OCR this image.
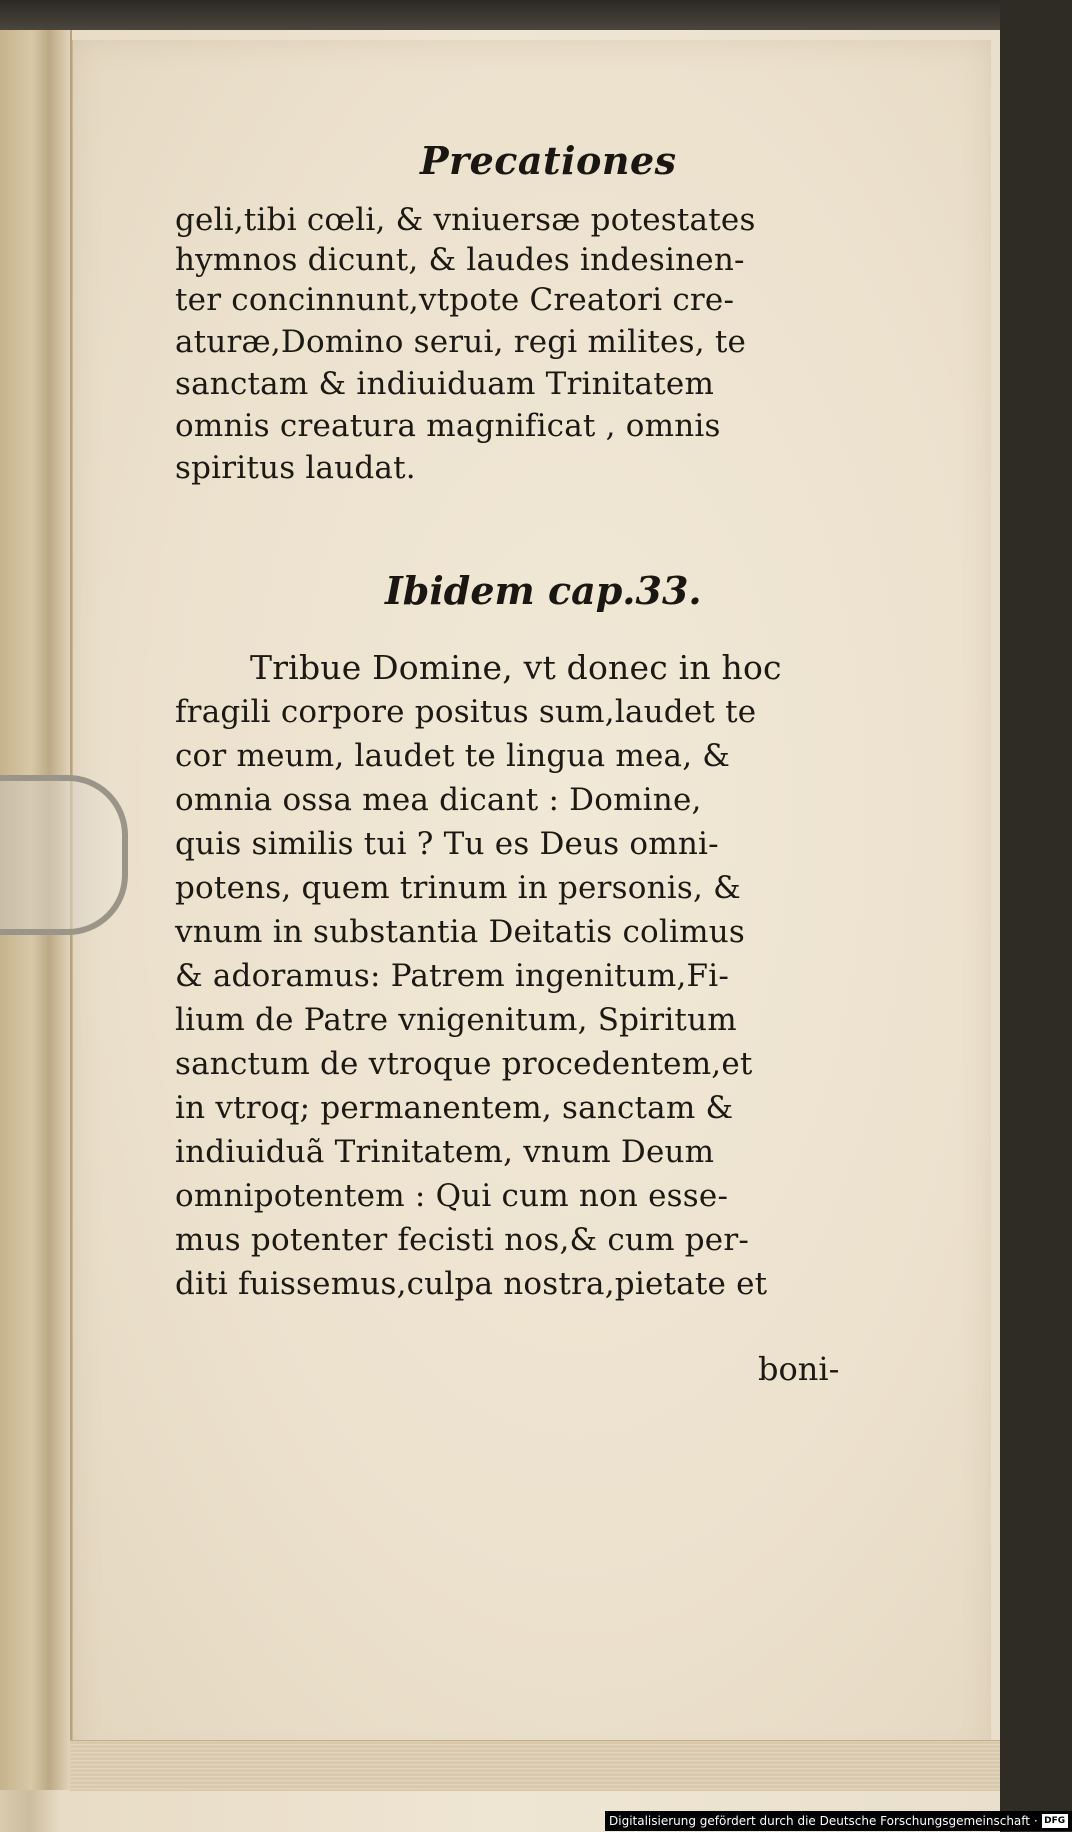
Precationes
geli,tibi cœli, & vniuersæ potestates
hymnos dicunt, & laudes indesinen-
ter concinnunt,vtpote Creatori cre-
aturæ,Domino serui, regi milites, te
sanctam & indiuiduam Trinitatem
omnis creatura magnificat , omnis
spiritus laudat.
Ibidem cap.33.
Tribue Domine, vt donec in hoc
fragili corpore positus sum,laudet te
cor meum, laudet te lingua mea, &
omnia ossa mea dicant : Domine,
quis similis tui ? Tu es Deus omni-
potens, quem trinum in personis, &
vnum in substantia Deitatis colimus
& adoramus: Patrem ingenitum,Fi-
lium de Patre vnigenitum, Spiritum
sanctum de vtroque procedentem,et
in vtroq; permanentem, sanctam &
indiuiduã Trinitatem, vnum Deum
omnipotentem : Qui cum non esse-
mus potenter fecisti nos,& cum per-
diti fuissemus,culpa nostra,pietate et
boni-
Digitalisierung gefördert durch die Deutsche Forschungsgemeinschaft · DFG
